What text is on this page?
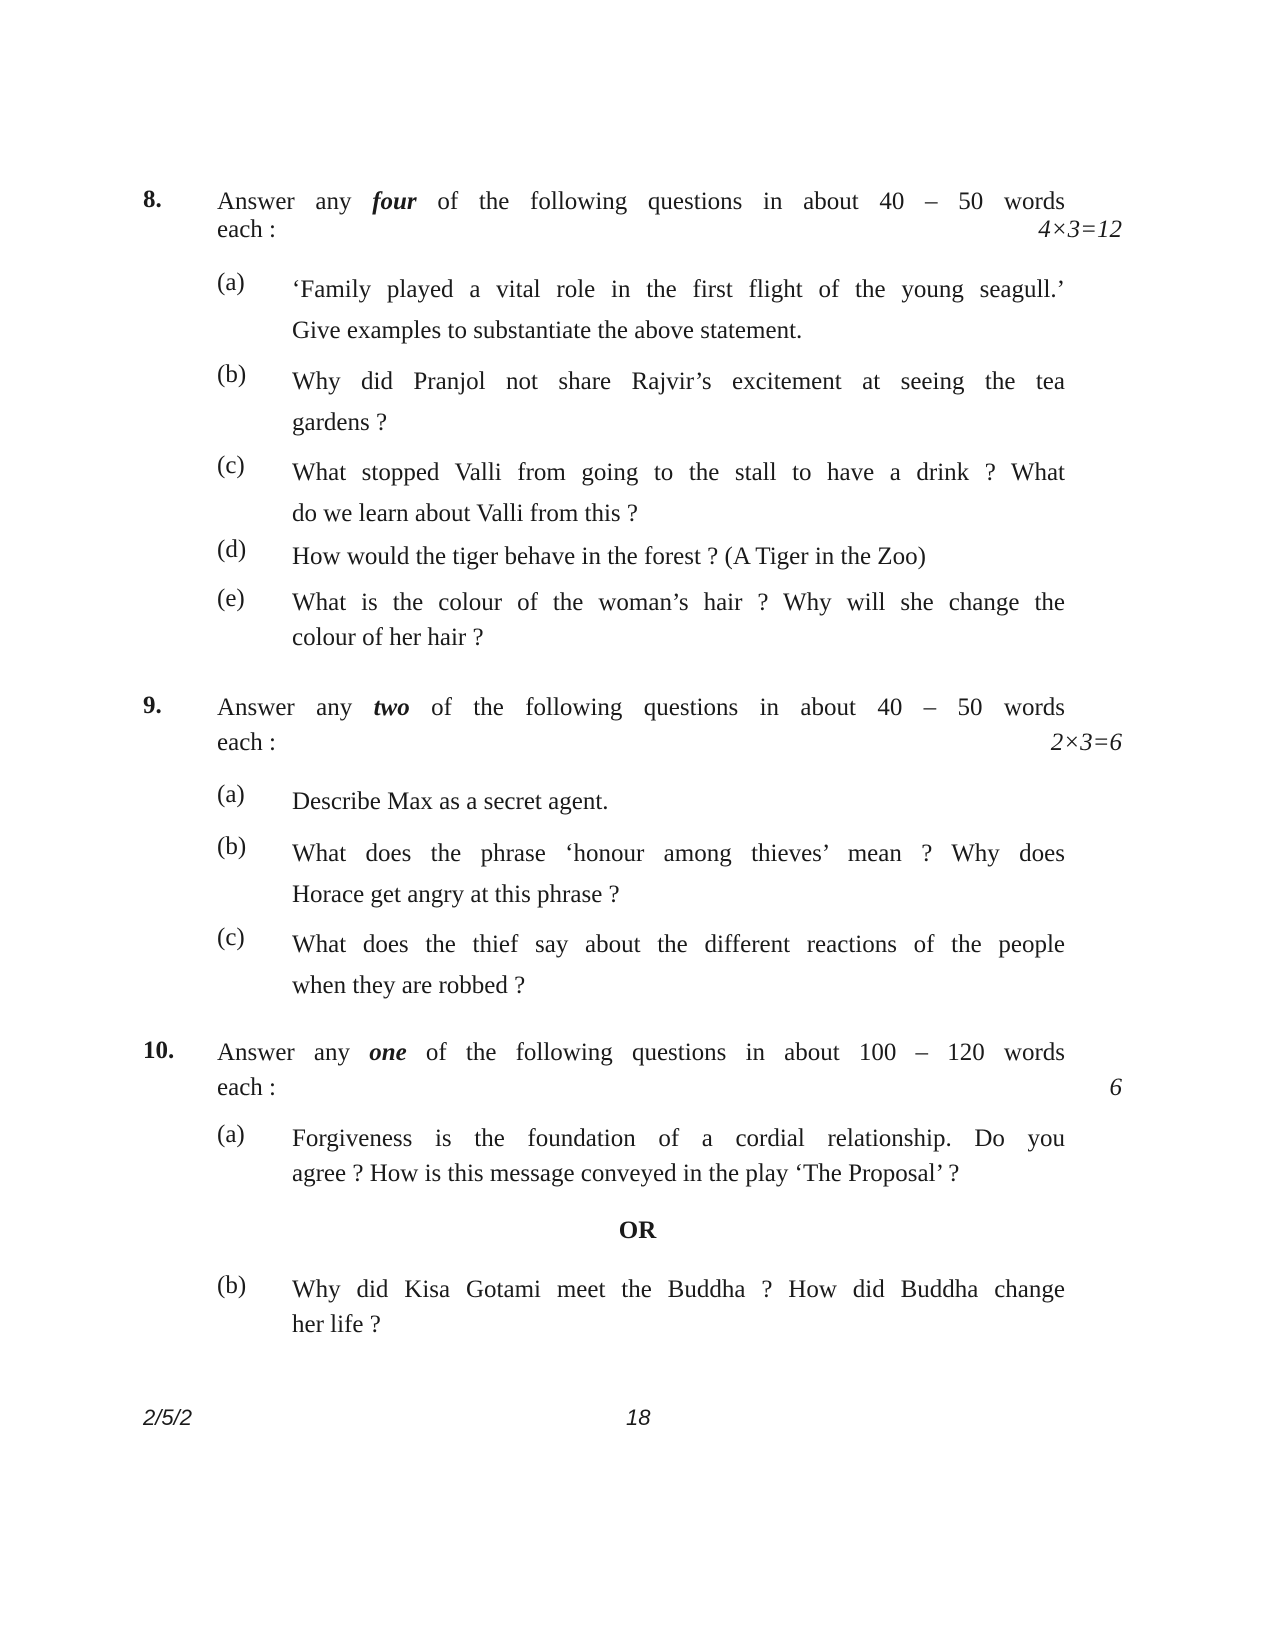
8. Answer any four of the following questions in about 40 – 50 words
each :	4×3=12
(a) ‘Family played a vital role in the first flight of the young seagull.’
Give examples to substantiate the above statement.
(b) Why did Pranjol not share Rajvir’s excitement at seeing the tea
gardens ?
(c) What stopped Valli from going to the stall to have a drink ? What
do we learn about Valli from this ?
(d) How would the tiger behave in the forest ? (A Tiger in the Zoo)
(e) What is the colour of the woman’s hair ? Why will she change the
colour of her hair ?
9. Answer any two of the following questions in about 40 – 50 words
each :	2×3=6
(a) Describe Max as a secret agent.
(b) What does the phrase ‘honour among thieves’ mean ? Why does
Horace get angry at this phrase ?
(c) What does the thief say about the different reactions of the people
when they are robbed ?
10. Answer any one of the following questions in about 100 – 120 words
each :	6
(a) Forgiveness is the foundation of a cordial relationship. Do you
agree ? How is this message conveyed in the play ‘The Proposal’ ?
OR
(b) Why did Kisa Gotami meet the Buddha ? How did Buddha change
her life ?
2/5/2	18
